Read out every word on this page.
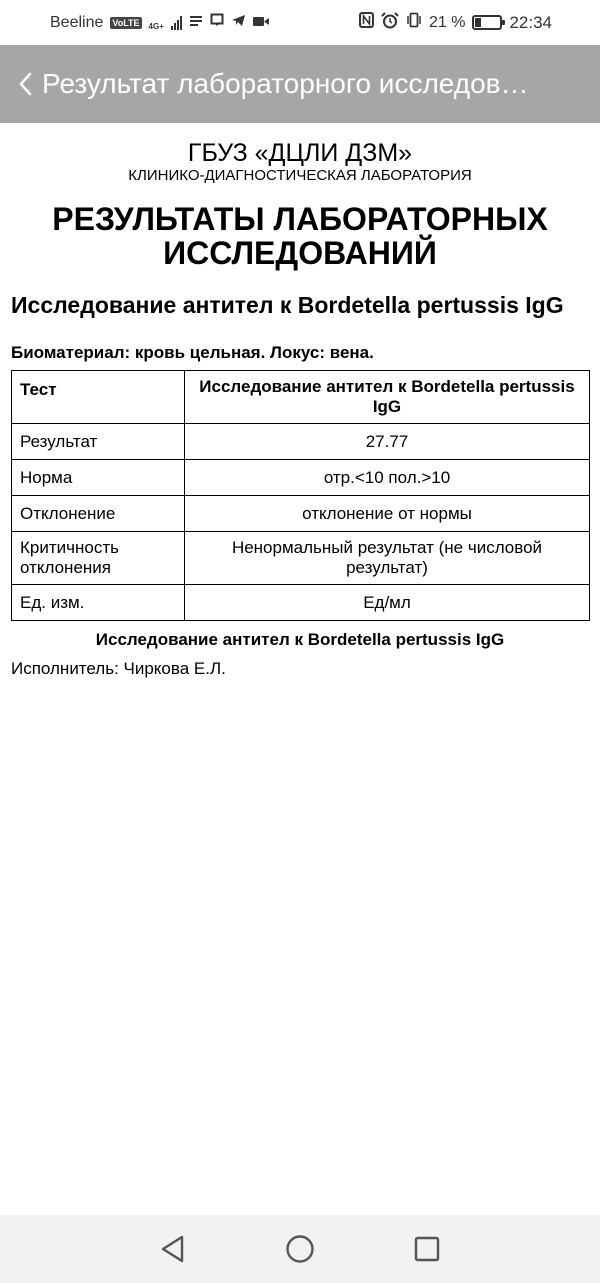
Beeline VoLTE 4G+	21 %	22:34
Результат лабораторного исследов…
ГБУЗ «ДЦЛИ ДЗМ»
КЛИНИКО-ДИАГНОСТИЧЕСКАЯ ЛАБОРАТОРИЯ
РЕЗУЛЬТАТЫ ЛАБОРАТОРНЫХ ИССЛЕДОВАНИЙ
Исследование антител к Bordetella pertussis IgG
Биоматериал: кровь цельная. Локус: вена.
Тест	Исследование антител к Bordetella pertussis IgG
Результат	27.77
Норма	отр.<10 пол.>10
Отклонение	отклонение от нормы
Критичность отклонения	Ненормальный результат (не числовой результат)
Ед. изм.	Ед/мл
Исследование антител к Bordetella pertussis IgG
Исполнитель: Чиркова Е.Л.
